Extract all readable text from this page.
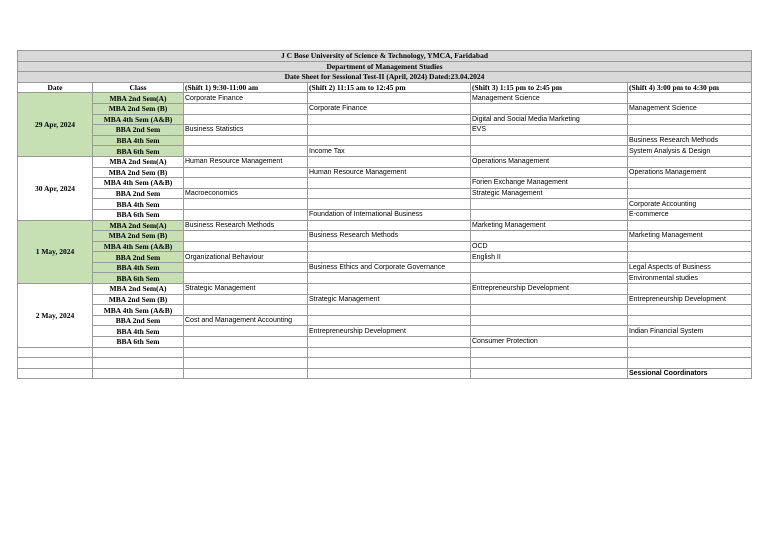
J C Bose University of Science & Technology, YMCA, Faridabad					
Department of Management Studies					
Date Sheet for Sessional Test-II (April, 2024) Dated:23.04.2024					
Date	Class	(Shift 1) 9:30-11:00 am	(Shift 2) 11:15 am to 12:45 pm	(Shift 3) 1:15 pm to 2:45 pm	(Shift 4) 3:00 pm to 4:30 pm
29 Apr, 2024	MBA 2nd Sem(A)	Corporate Finance		Management Science	
	MBA 2nd Sem (B)		Corporate Finance		Management Science
	MBA 4th Sem (A&B)			Digital and Social Media Marketing	
	BBA 2nd Sem	Business Statistics		EVS	
	BBA 4th Sem				Business Research Methods
	BBA 6th Sem		Income Tax		System Analysis & Design
30 Apr, 2024	MBA 2nd Sem(A)	Human Resource Management		Operations Management	
	MBA 2nd Sem (B)		Human Resource Management		Operations Management
	MBA 4th Sem (A&B)			Forien Exchange Management	
	BBA 2nd Sem	Macroeconomics		Strategic Management	
	BBA 4th Sem				Corporate Accounting
	BBA 6th Sem		Foundation of International Business		E-commerce
1 May, 2024	MBA 2nd Sem(A)	Business Research Methods		Marketing Management	
	MBA 2nd Sem (B)		Business Research Methods		Marketing Management
	MBA 4th Sem (A&B)			OCD	
	BBA 2nd Sem	Organizational Behaviour		English II	
	BBA 4th Sem		Business Ethics and Corporate Governance		Legal Aspects of Business
	BBA 6th Sem				Environmental studies
2 May, 2024	MBA 2nd Sem(A)	Strategic Management		Entrepreneurship Development	
	MBA 2nd Sem (B)		Strategic Management		Entrepreneurship Development
	MBA 4th Sem (A&B)				
	BBA 2nd Sem	Cost and Management Accounting			
	BBA 4th Sem		Entrepreneurship Development		Indian Financial System
	BBA 6th Sem			Consumer Protection	

					Sessional Coordinators
